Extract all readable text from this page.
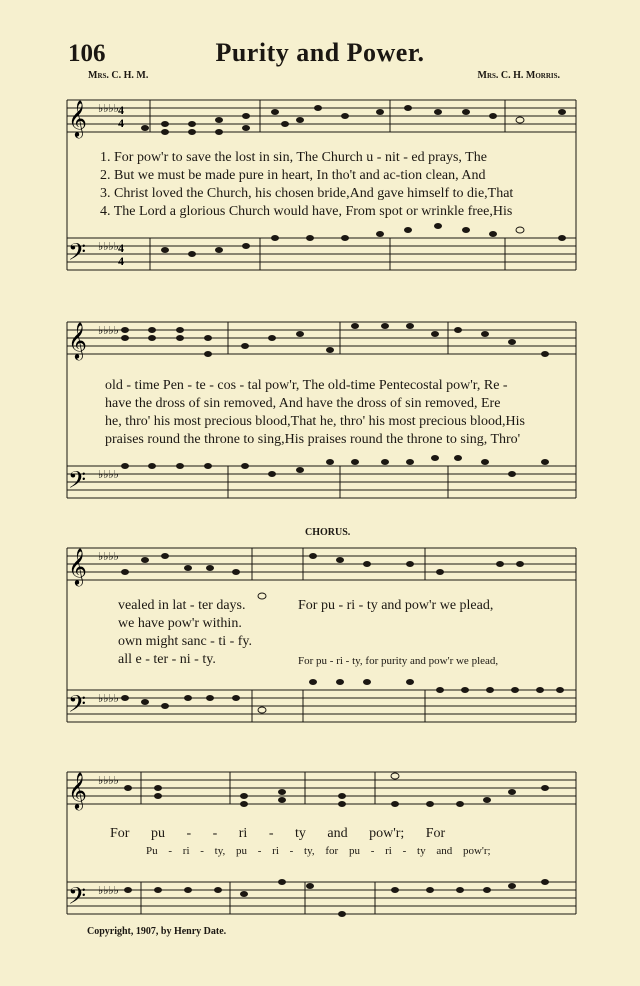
106	Purity and Power.
Mrs. C. H. M.	Mrs. C. H. Morris.
𝄞
𝄢
♭♭♭♭ 4
4
♭♭♭♭ 4
4
𝄞
𝄢
♭♭♭♭
♭♭♭♭
𝄞
𝄢
♭♭♭♭
♭♭♭♭
𝄞
𝄢
♭♭♭♭
♭♭♭♭
1. For pow'r to save the lost in sin, The Church u - nit - ed prays, The
2. But we must be made pure in heart, In tho't and ac-tion clean, And
3. Christ loved the Church, his chosen bride,And gave himself to die,That
4. The Lord a glorious Church would have, From spot or wrinkle free,His
old - time Pen - te - cos - tal pow'r, The old-time Pentecostal pow'r, Re -
have the dross of sin removed, And have the dross of sin removed, Ere
he, thro' his most precious blood,That he, thro' his most precious blood,His
praises round the throne to sing,His praises round the throne to sing, Thro'
CHORUS.
vealed in lat - ter days.
we have pow'r within.
own might sanc - ti - fy.
all e - ter - ni - ty.
For pu - ri - ty and pow'r we plead,
For pu - ri - ty, for purity and pow'r we plead,
For pu - - ri - ty and pow'r; For
Pu - ri - ty, pu - ri - ty, for pu - ri - ty and pow'r;
Copyright, 1907, by Henry Date.
